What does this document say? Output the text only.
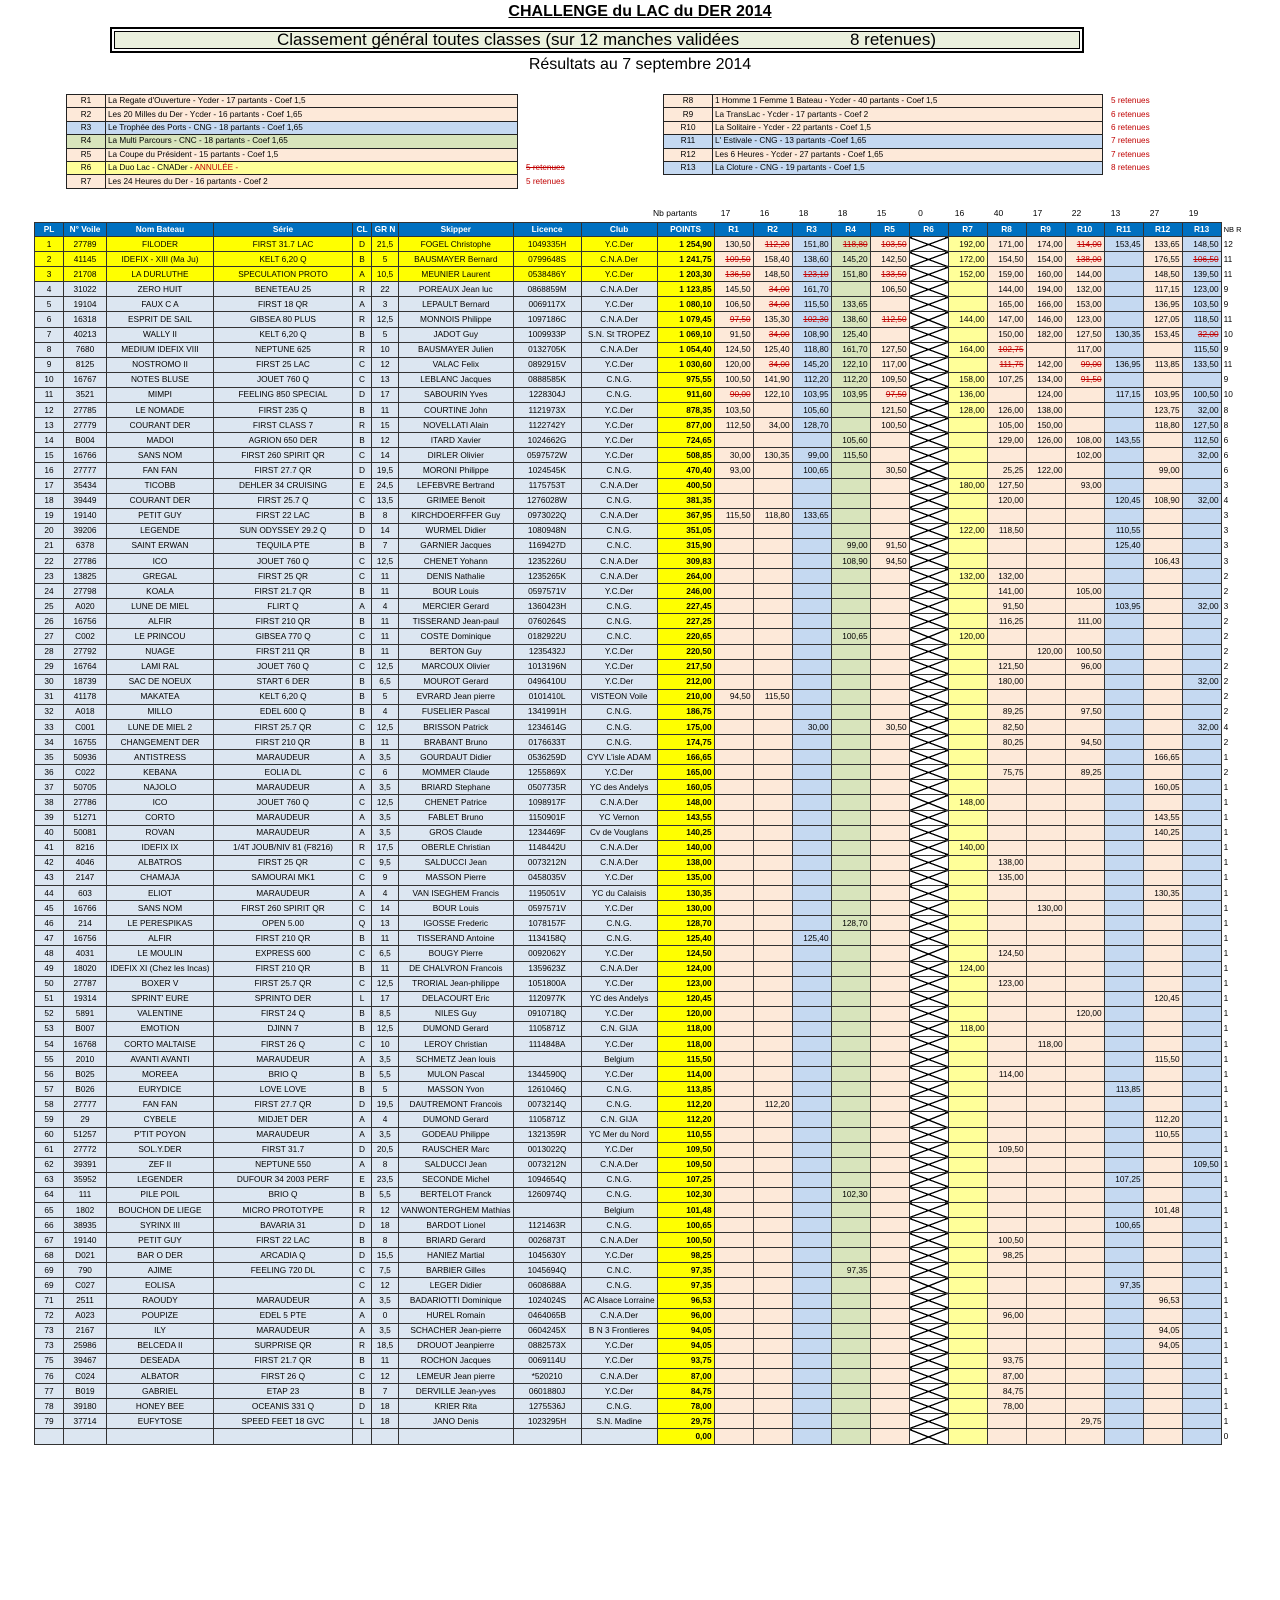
CHALLENGE du LAC du DER 2014
Classement général toutes classes (sur 12 manches validées	8 retenues)
Résultats au 7 septembre 2014
R1	La Regate d'Ouverture - Ycder - 17 partants - Coef 1,5	
R2	Les 20 Milles du Der - Ycder - 16 partants - Coef 1,65	
R3	Le Trophée des Ports - CNG - 18 partants - Coef 1,65	
R4	La Multi Parcours - CNC - 18 partants - Coef 1,65	
R5	La Coupe du Président - 15 partants - Coef 1,5	
R6	La Duo Lac - CNADer - ANNULÉE -	5 retenues
R7	Les 24 Heures du Der - 16 partants - Coef 2	5 retenues
R8	1 Homme 1 Femme 1 Bateau - Ycder - 40 partants - Coef 1,5	5 retenues
R9	La TransLac - Ycder - 17 partants - Coef 2	6 retenues
R10	La Solitaire - Ycder - 22 partants - Coef 1,5	6 retenues
R11	L' Estivale - CNG - 13 partants -Coef 1,65	7 retenues
R12	Les 6 Heures - Ycder - 27 partants - Coef 1,65	7 retenues
R13	La Cloture - CNG - 19 partants - Coef 1,5	8 retenues
Nb partants	17	16	18	18	15	0	16	40	17	22	13	27	19
PL	N° Voile	Nom Bateau	Série	CL	GR N	Skipper	Licence	Club	POINTS	R1	R2	R3	R4	R5	R6	R7	R8	R9	R10	R11	R12	R13	NB R
1	27789	FILODER	FIRST 31.7 LAC	D	21,5	FOGEL Christophe	1049335H	Y.C.Der	1 254,90	130,50	112,20	151,80	118,80	103,50		192,00	171,00	174,00	114,00	153,45	133,65	148,50	12
2	41145	IDEFIX - XIII (Ma Ju)	KELT 6,20 Q	B	5	BAUSMAYER Bernard	0799648S	C.N.A.Der	1 241,75	109,50	158,40	138,60	145,20	142,50		172,00	154,50	154,00	138,00		176,55	106,50	11
3	21708	LA DURLUTHE	SPECULATION PROTO	A	10,5	MEUNIER Laurent	0538486Y	Y.C.Der	1 203,30	136,50	148,50	123,10	151,80	133,50		152,00	159,00	160,00	144,00		148,50	139,50	11
4	31022	ZERO HUIT	BENETEAU 25	R	22	POREAUX Jean luc	0868859M	C.N.A.Der	1 123,85	145,50	34,00	161,70		106,50			144,00	194,00	132,00		117,15	123,00	9
5	19104	FAUX C A	FIRST 18 QR	A	3	LEPAULT Bernard	0069117X	Y.C.Der	1 080,10	106,50	34,00	115,50	133,65				165,00	166,00	153,00		136,95	103,50	9
6	16318	ESPRIT DE SAIL	GIBSEA 80 PLUS	R	12,5	MONNOIS Philippe	1097186C	C.N.A.Der	1 079,45	97,50	135,30	102,30	138,60	112,50		144,00	147,00	146,00	123,00		127,05	118,50	11
7	40213	WALLY II	KELT 6,20 Q	B	5	JADOT Guy	1009933P	S.N. St TROPEZ	1 069,10	91,50	34,00	108,90	125,40				150,00	182,00	127,50	130,35	153,45	32,00	10
8	7680	MEDIUM IDEFIX VIII	NEPTUNE 625	R	10	BAUSMAYER Julien	0132705K	C.N.A.Der	1 054,40	124,50	125,40	118,80	161,70	127,50		164,00	102,75		117,00			115,50	9
9	8125	NOSTROMO II	FIRST 25 LAC	C	12	VALAC Felix	0892915V	Y.C.Der	1 030,60	120,00	34,00	145,20	122,10	117,00			111,75	142,00	99,00	136,95	113,85	133,50	11
10	16767	NOTES BLUSE	JOUET 760 Q	C	13	LEBLANC Jacques	0888585K	C.N.G.	975,55	100,50	141,90	112,20	112,20	109,50		158,00	107,25	134,00	91,50				9
11	3521	MIMPI	FEELING 850 SPECIAL	D	17	SABOURIN Yves	1228304J	C.N.G.	911,60	90,00	122,10	103,95	103,95	97,50		136,00		124,00		117,15	103,95	100,50	10
12	27785	LE NOMADE	FIRST 235 Q	B	11	COURTINE John	1121973X	Y.C.Der	878,35	103,50		105,60		121,50		128,00	126,00	138,00			123,75	32,00	8
13	27779	COURANT DER	FIRST CLASS 7	R	15	NOVELLATI Alain	1122742Y	Y.C.Der	877,00	112,50	34,00	128,70		100,50			105,00	150,00			118,80	127,50	8
14	B004	MADOI	AGRION 650 DER	B	12	ITARD Xavier	1024662G	Y.C.Der	724,65				105,60				129,00	126,00	108,00	143,55		112,50	6
15	16766	SANS NOM	FIRST 260 SPIRIT QR	C	14	DIRLER Olivier	0597572W	Y.C.Der	508,85	30,00	130,35	99,00	115,50						102,00			32,00	6
16	27777	FAN FAN	FIRST 27.7 QR	D	19,5	MORONI Philippe	1024545K	C.N.G.	470,40	93,00		100,65		30,50			25,25	122,00			99,00		6
17	35434	TICOBB	DEHLER 34 CRUISING	E	24,5	LEFEBVRE Bertrand	1175753T	C.N.A.Der	400,50							180,00	127,50		93,00				3
18	39449	COURANT DER	FIRST 25.7 Q	C	13,5	GRIMEE Benoit	1276028W	C.N.G.	381,35								120,00			120,45	108,90	32,00	4
19	19140	PETIT GUY	FIRST 22 LAC	B	8	KIRCHDOERFFER Guy	0973022Q	C.N.A.Der	367,95	115,50	118,80	133,65											3
20	39206	LEGENDE	SUN ODYSSEY 29.2 Q	D	14	WURMEL Didier	1080948N	C.N.G.	351,05							122,00	118,50			110,55			3
21	6378	SAINT ERWAN	TEQUILA PTE	B	7	GARNIER Jacques	1169427D	C.N.C.	315,90				99,00	91,50						125,40			3
22	27786	ICO	JOUET 760 Q	C	12,5	CHENET Yohann	1235226U	C.N.A.Der	309,83				108,90	94,50							106,43		3
23	13825	GREGAL	FIRST 25 QR	C	11	DENIS Nathalie	1235265K	C.N.A.Der	264,00							132,00	132,00						2
24	27798	KOALA	FIRST 21.7 QR	B	11	BOUR Louis	0597571V	Y.C.Der	246,00								141,00		105,00				2
25	A020	LUNE DE MIEL	FLIRT Q	A	4	MERCIER Gerard	1360423H	C.N.G.	227,45								91,50			103,95		32,00	3
26	16756	ALFIR	FIRST 210 QR	B	11	TISSERAND Jean-paul	0760264S	C.N.G.	227,25								116,25		111,00				2
27	C002	LE PRINCOU	GIBSEA 770 Q	C	11	COSTE Dominique	0182922U	C.N.C.	220,65				100,65			120,00							2
28	27792	NUAGE	FIRST 211 QR	B	11	BERTON Guy	1235432J	Y.C.Der	220,50									120,00	100,50				2
29	16764	LAMI RAL	JOUET 760 Q	C	12,5	MARCOUX Olivier	1013196N	Y.C.Der	217,50								121,50		96,00				2
30	18739	SAC DE NOEUX	START 6 DER	B	6,5	MOUROT Gerard	0496410U	Y.C.Der	212,00								180,00					32,00	2
31	41178	MAKATEA	KELT 6,20 Q	B	5	EVRARD Jean pierre	0101410L	VISTEON Voile	210,00	94,50	115,50												2
32	A018	MILLO	EDEL 600 Q	B	4	FUSELIER Pascal	1341991H	C.N.G.	186,75								89,25		97,50				2
33	C001	LUNE DE MIEL 2	FIRST 25.7 QR	C	12,5	BRISSON Patrick	1234614G	C.N.G.	175,00			30,00		30,50			82,50					32,00	4
34	16755	CHANGEMENT DER	FIRST 210 QR	B	11	BRABANT Bruno	0176633T	C.N.G.	174,75								80,25		94,50				2
35	50936	ANTISTRESS	MARAUDEUR	A	3,5	GOURDAUT Didier	0536259D	CYV L'isle ADAM	166,65												166,65		1
36	C022	KEBANA	EOLIA DL	C	6	MOMMER Claude	1255869X	Y.C.Der	165,00								75,75		89,25				2
37	50705	NAJOLO	MARAUDEUR	A	3,5	BRIARD Stephane	0507735R	YC des Andelys	160,05												160,05		1
38	27786	ICO	JOUET 760 Q	C	12,5	CHENET Patrice	1098917F	C.N.A.Der	148,00							148,00							1
39	51271	CORTO	MARAUDEUR	A	3,5	FABLET Bruno	1150901F	YC Vernon	143,55												143,55		1
40	50081	ROVAN	MARAUDEUR	A	3,5	GROS Claude	1234469F	Cv de Vouglans	140,25												140,25		1
41	8216	IDEFIX IX	1/4T JOUB/NIV 81 (F8216)	R	17,5	OBERLE Christian	1148442U	C.N.A.Der	140,00							140,00							1
42	4046	ALBATROS	FIRST 25 QR	C	9,5	SALDUCCI Jean	0073212N	C.N.A.Der	138,00								138,00						1
43	2147	CHAMAJA	SAMOURAI MK1	C	9	MASSON Pierre	0458035V	Y.C.Der	135,00								135,00						1
44	603	ELIOT	MARAUDEUR	A	4	VAN ISEGHEM Francis	1195051V	YC du Calaisis	130,35												130,35		1
45	16766	SANS NOM	FIRST 260 SPIRIT QR	C	14	BOUR Louis	0597571V	Y.C.Der	130,00									130,00					1
46	214	LE PERESPIKAS	OPEN 5.00	Q	13	IGOSSE Frederic	1078157F	C.N.G.	128,70				128,70										1
47	16756	ALFIR	FIRST 210 QR	B	11	TISSERAND Antoine	1134158Q	C.N.G.	125,40			125,40											1
48	4031	LE MOULIN	EXPRESS 600	C	6,5	BOUGY Pierre	0092062Y	Y.C.Der	124,50								124,50						1
49	18020	IDEFIX XI (Chez les Incas)	FIRST 210 QR	B	11	DE CHALVRON Francois	1359623Z	C.N.A.Der	124,00							124,00							1
50	27787	BOXER V	FIRST 25.7 QR	C	12,5	TRORIAL Jean-philippe	1051800A	Y.C.Der	123,00								123,00						1
51	19314	SPRINT' EURE	SPRINTO DER	L	17	DELACOURT Eric	1120977K	YC des Andelys	120,45												120,45		1
52	5891	VALENTINE	FIRST 24 Q	B	8,5	NILES Guy	0910718Q	Y.C.Der	120,00										120,00				1
53	B007	EMOTION	DJINN 7	B	12,5	DUMOND Gerard	1105871Z	C.N. GIJA	118,00							118,00							1
54	16768	CORTO MALTAISE	FIRST 26 Q	C	10	LEROY Christian	1114848A	Y.C.Der	118,00									118,00					1
55	2010	AVANTI AVANTI	MARAUDEUR	A	3,5	SCHMETZ Jean louis		Belgium	115,50												115,50		1
56	B025	MOREEA	BRIO Q	B	5,5	MULON Pascal	1344590Q	Y.C.Der	114,00								114,00						1
57	B026	EURYDICE	LOVE LOVE	B	5	MASSON Yvon	1261046Q	C.N.G.	113,85											113,85			1
58	27777	FAN FAN	FIRST 27.7 QR	D	19,5	DAUTREMONT Francois	0073214Q	C.N.G.	112,20		112,20												1
59	29	CYBELE	MIDJET DER	A	4	DUMOND Gerard	1105871Z	C.N. GIJA	112,20												112,20		1
60	51257	P'TIT POYON	MARAUDEUR	A	3,5	GODEAU Philippe	1321359R	YC Mer du Nord	110,55												110,55		1
61	27772	SOL.Y.DER	FIRST 31.7	D	20,5	RAUSCHER Marc	0013022Q	Y.C.Der	109,50								109,50						1
62	39391	ZEF II	NEPTUNE 550	A	8	SALDUCCI Jean	0073212N	C.N.A.Der	109,50													109,50	1
63	35952	LEGENDER	DUFOUR 34 2003 PERF	E	23,5	SECONDE Michel	1094654Q	C.N.G.	107,25											107,25			1
64	111	PILE POIL	BRIO Q	B	5,5	BERTELOT Franck	1260974Q	C.N.G.	102,30				102,30										1
65	1802	BOUCHON DE LIEGE	MICRO PROTOTYPE	R	12	VANWONTERGHEM Mathias		Belgium	101,48												101,48		1
66	38935	SYRINX III	BAVARIA 31	D	18	BARDOT Lionel	1121463R	C.N.G.	100,65											100,65			1
67	19140	PETIT GUY	FIRST 22 LAC	B	8	BRIARD Gerard	0026873T	C.N.A.Der	100,50								100,50						1
68	D021	BAR O DER	ARCADIA Q	D	15,5	HANIEZ Martial	1045630Y	Y.C.Der	98,25								98,25						1
69	790	AJIME	FEELING 720 DL	C	7,5	BARBIER Gilles	1045694Q	C.N.C.	97,35				97,35										1
69	C027	EOLISA		C	12	LEGER Didier	0608688A	C.N.G.	97,35											97,35			1
71	2511	RAOUDY	MARAUDEUR	A	3,5	BADARIOTTI Dominique	1024024S	AC Alsace Lorraine	96,53												96,53		1
72	A023	POUPIZE	EDEL 5 PTE	A	0	HUREL Romain	0464065B	C.N.A.Der	96,00								96,00						1
73	2167	ILY	MARAUDEUR	A	3,5	SCHACHER Jean-pierre	0604245X	B N 3 Frontieres	94,05												94,05		1
73	25986	BELCEDA II	SURPRISE QR	R	18,5	DROUOT Jeanpierre	0882573X	Y.C.Der	94,05												94,05		1
75	39467	DESEADA	FIRST 21.7 QR	B	11	ROCHON Jacques	0069114U	Y.C.Der	93,75								93,75						1
76	C024	ALBATOR	FIRST 26 Q	C	12	LEMEUR Jean pierre	*520210	C.N.A.Der	87,00								87,00						1
77	B019	GABRIEL	ETAP 23	B	7	DERVILLE Jean-yves	0601880J	Y.C.Der	84,75								84,75						1
78	39180	HONEY BEE	OCEANIS 331 Q	D	18	KRIER Rita	1275536J	C.N.G.	78,00								78,00						1
79	37714	EUFYTOSE	SPEED FEET 18 GVC	L	18	JANO Denis	1023295H	S.N. Madine	29,75										29,75				1
									0,00														0
